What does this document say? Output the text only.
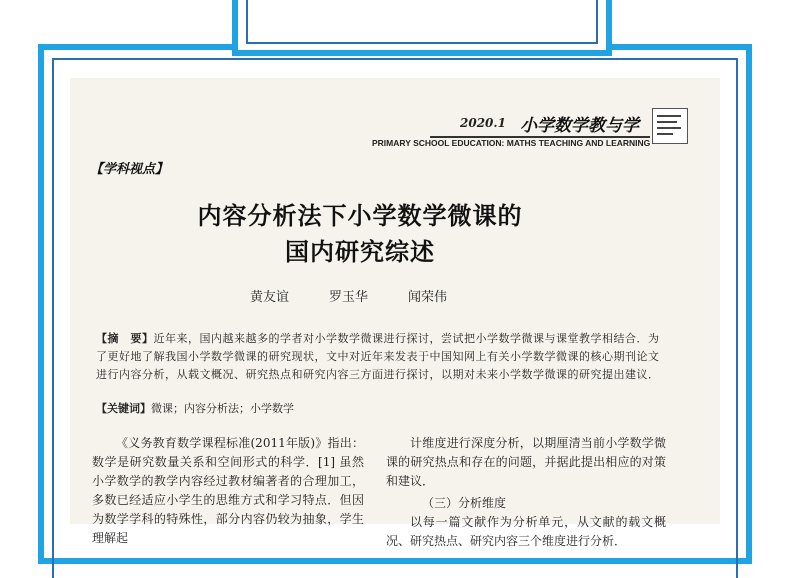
2020.1 小学数学教与学
PRIMARY SCHOOL EDUCATION: MATHS TEACHING AND LEARNING
【学科视点】
内容分析法下小学数学微课的
国内研究综述
黄友谊	罗玉华	闻荣伟
【摘　要】近年来，国内越来越多的学者对小学数学微课进行探讨，尝试把小学数学微课与课堂教学相结合．为了更好地了解我国小学数学微课的研究现状，文中对近年来发表于中国知网上有关小学数学微课的核心期刊论文进行内容分析，从载文概况、研究热点和研究内容三方面进行探讨，以期对未来小学数学微课的研究提出建议．
【关键词】微课；内容分析法；小学数学

《义务教育数学课程标准(2011年版)》指出：数学是研究数量关系和空间形式的科学．[1] 虽然小学数学的教学内容经过教材编著者的合理加工，多数已经适应小学生的思维方式和学习特点．但因为数学学科的特殊性，部分内容仍较为抽象，学生理解起

计维度进行深度分析，以期厘清当前小学数学微课的研究热点和存在的问题，并据此提出相应的对策和建议．

（三）分析维度

以每一篇文献作为分析单元，从文献的载文概况、研究热点、研究内容三个维度进行分析．
